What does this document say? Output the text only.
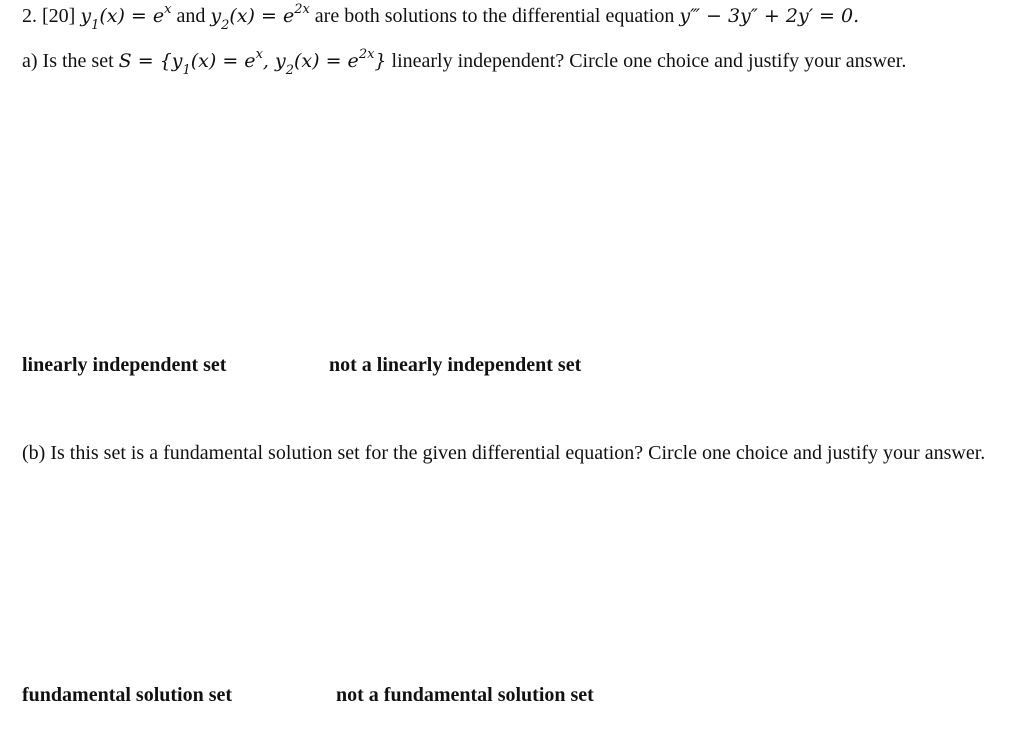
2. [20] $y_1(x) = e^x$ and $y_2(x) = e^{2x}$ are both solutions to the differential equation y‴ − 3y″ + 2y′ = 0.
a) Is the set $S = \{y_1(x) = e^x$, $y_2(x) = e^{2x}$} linearly independent? Circle one choice and justify your answer.
linearly independent set	not a linearly independent set
(b) Is this set is a fundamental solution set for the given differential equation? Circle one choice and justify your answer.
fundamental solution set	not a fundamental solution set
